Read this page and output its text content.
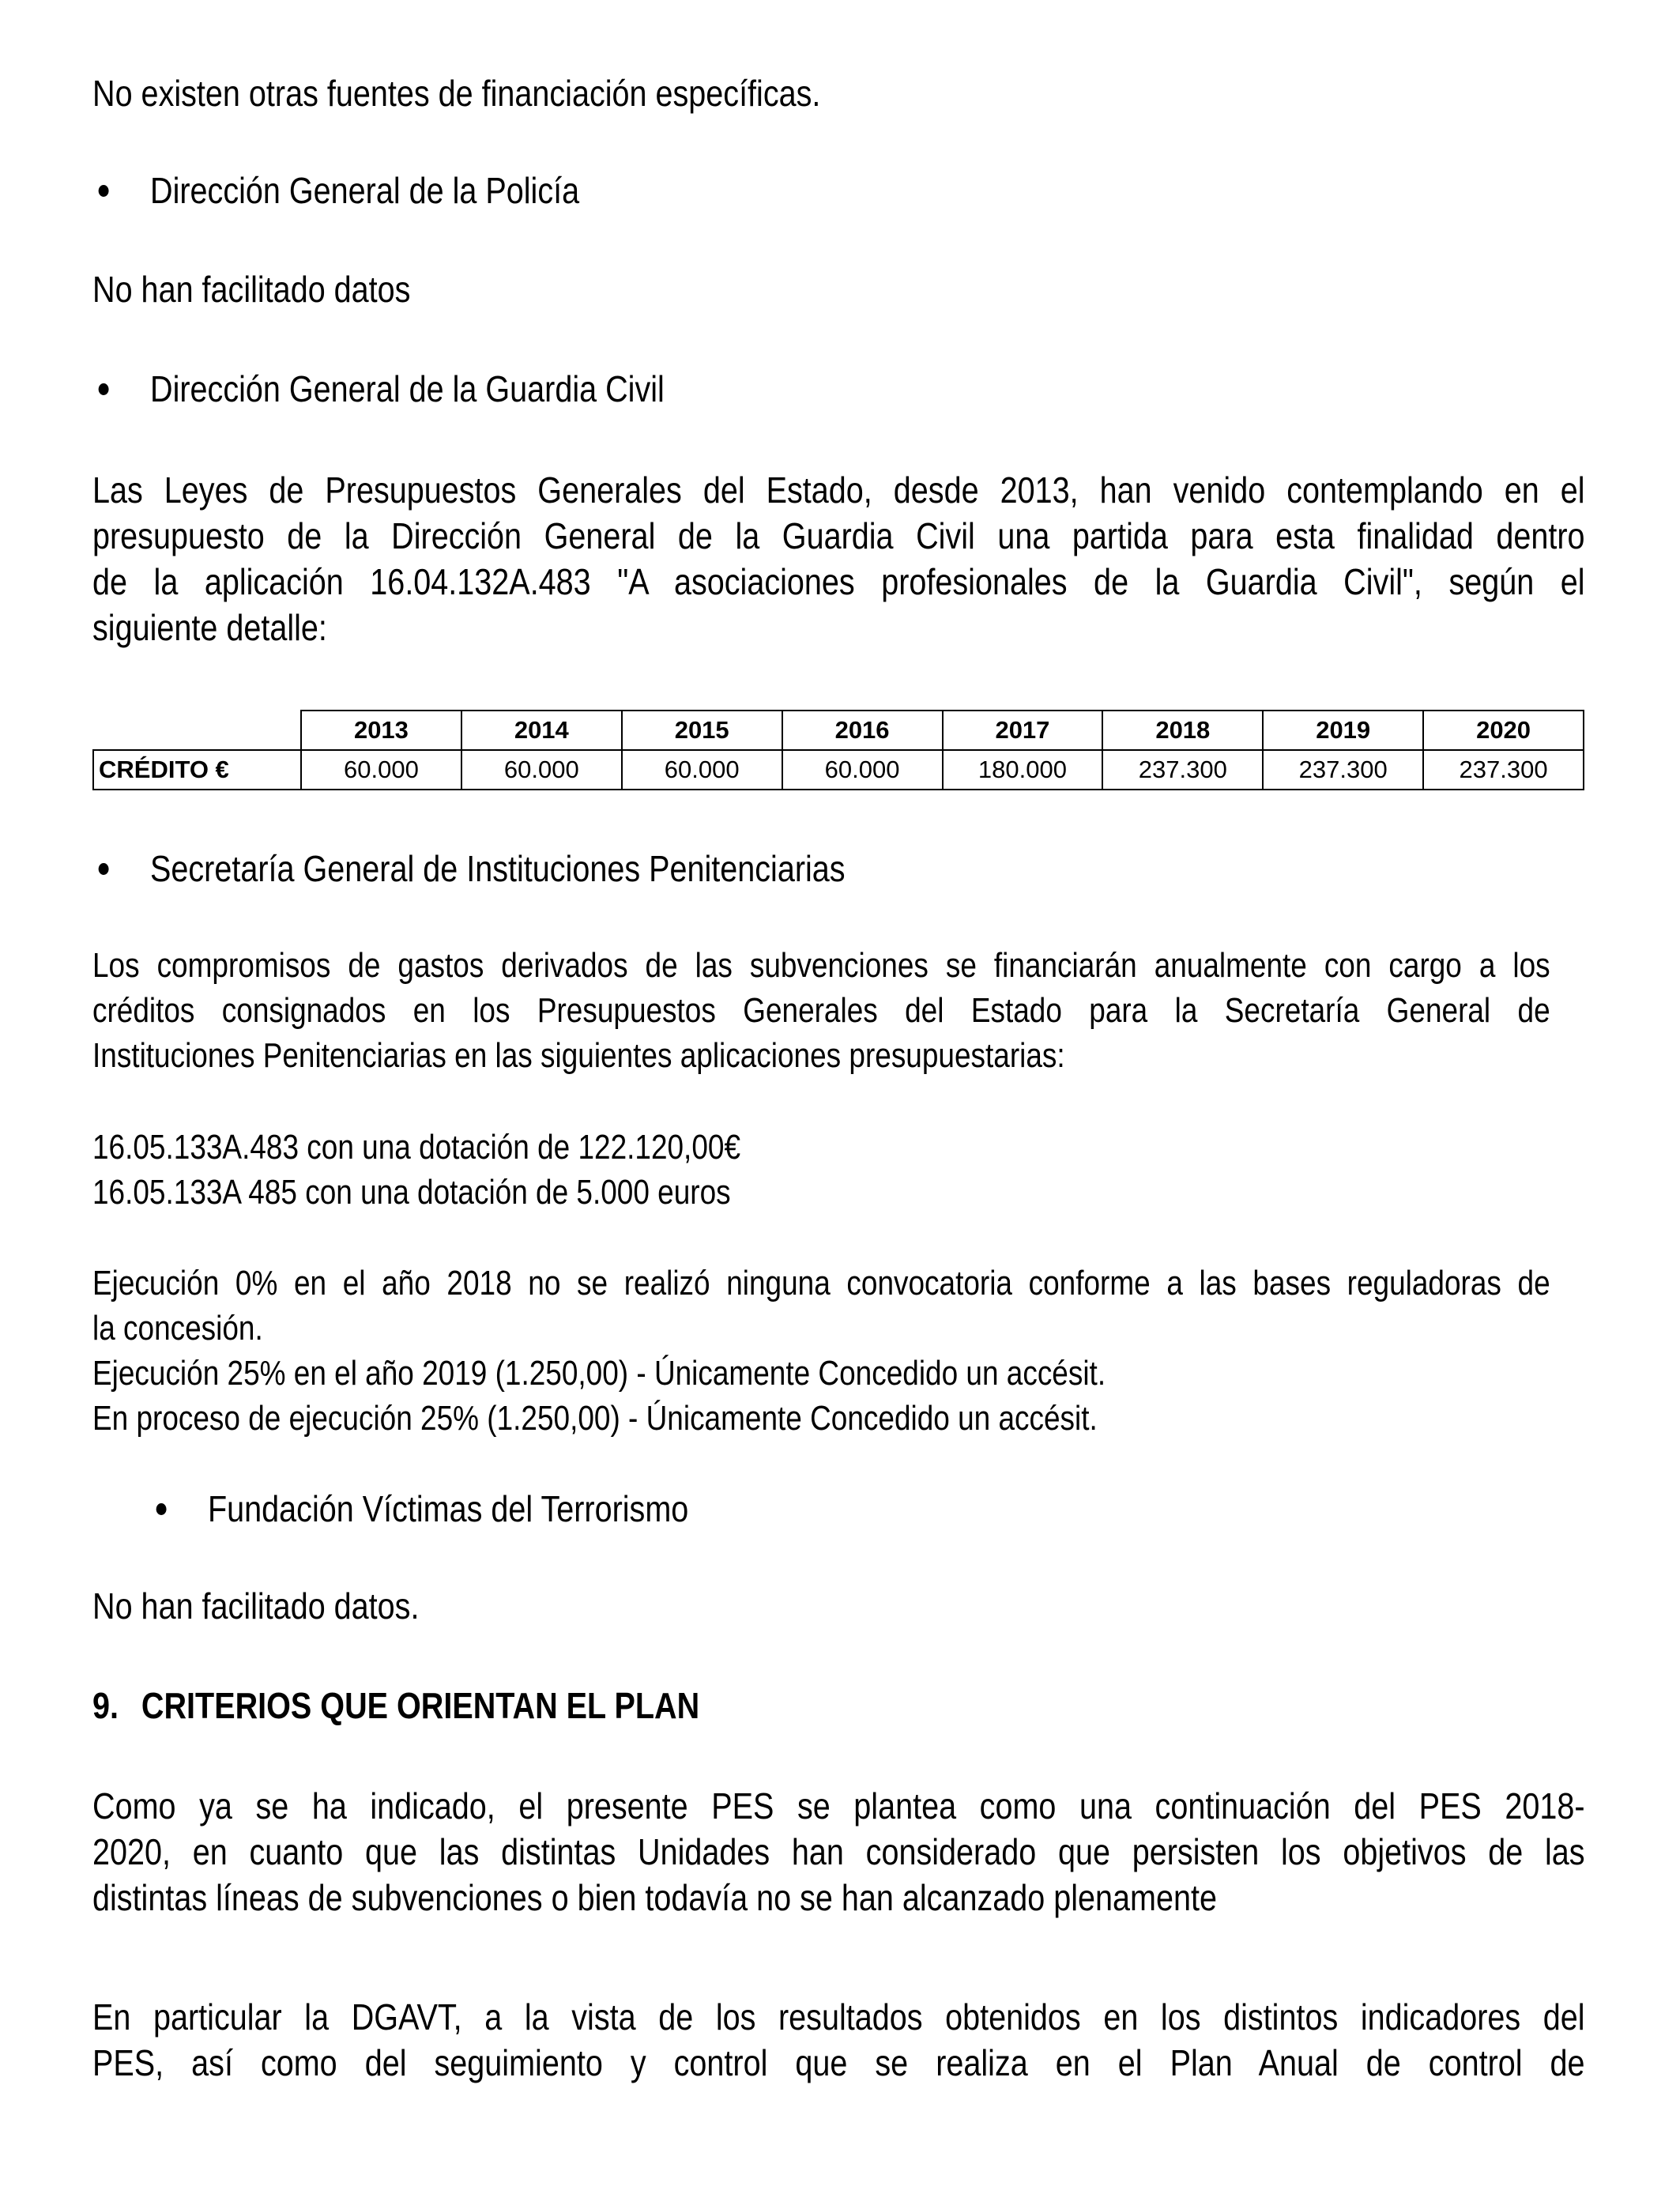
No existen otras fuentes de financiación específicas.

Dirección General de la Policía

No han facilitado datos

Dirección General de la Guardia Civil
Las Leyes de Presupuestos Generales del Estado, desde 2013, han venido contemplando en el
presupuesto de la Dirección General de la Guardia Civil una partida para esta finalidad dentro
de la aplicación 16.04.132A.483 "A asociaciones profesionales de la Guardia Civil", según el
siguiente detalle:
	2013	2014	2015	2016	2017	2018	2019	2020
CRÉDITO €	60.000	60.000	60.000	60.000	180.000	237.300	237.300	237.300
Secretaría General de Instituciones Penitenciarias
Los compromisos de gastos derivados de las subvenciones se financiarán anualmente con cargo a los
créditos consignados en los Presupuestos Generales del Estado para la Secretaría General de
Instituciones Penitenciarias en las siguientes aplicaciones presupuestarias:
16.05.133A.483 con una dotación de 122.120,00€
16.05.133A 485 con una dotación de 5.000 euros
Ejecución 0% en el año 2018 no se realizó ninguna convocatoria conforme a las bases reguladoras de
la concesión.
Ejecución 25% en el año 2019 (1.250,00) - Únicamente Concedido un accésit.
En proceso de ejecución 25% (1.250,00) - Únicamente Concedido un accésit.
Fundación Víctimas del Terrorismo

No han facilitado datos.

9. CRITERIOS QUE ORIENTAN EL PLAN
Como ya se ha indicado, el presente PES se plantea como una continuación del PES 2018-
2020, en cuanto que las distintas Unidades han considerado que persisten los objetivos de las
distintas líneas de subvenciones o bien todavía no se han alcanzado plenamente
En particular la DGAVT, a la vista de los resultados obtenidos en los distintos indicadores del
PES, así como del seguimiento y control que se realiza en el Plan Anual de control de
